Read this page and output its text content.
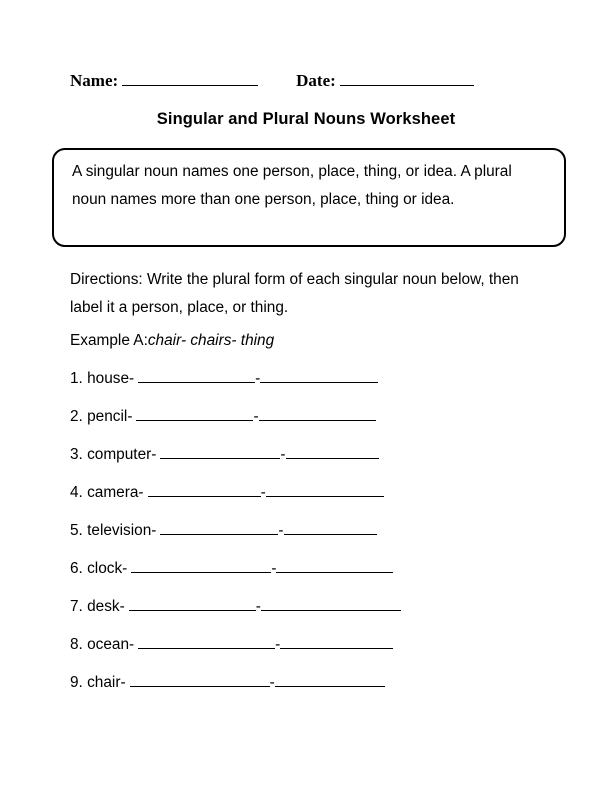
Name:	Date:
Singular and Plural Nouns Worksheet
A singular noun names one person, place, thing, or idea. A plural noun names more than one person, place, thing or idea.
Directions: Write the plural form of each singular noun below, then label it a person, place, or thing.
Example A:chair- chairs- thing
1. house-	-
2. pencil-	-
3. computer-	-
4. camera-	-
5. television-	-
6. clock-	-
7. desk-	-
8. ocean-	-
9. chair-	-
